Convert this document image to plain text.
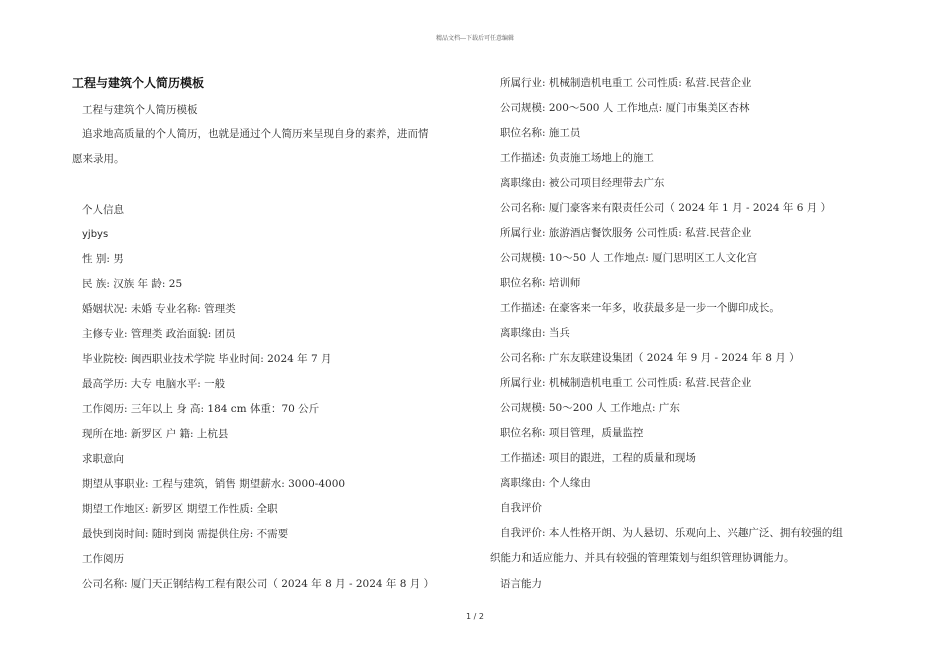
精品文档---下载后可任意编辑
工程与建筑个人简历模板
工程与建筑个人简历模板
追求地高质量的个人简历，也就是通过个人简历来呈现自身的素养，进而情
愿来录用。
个人信息
yjbys
性 别: 男
民 族: 汉族 年 龄: 25
婚姻状况: 未婚 专业名称: 管理类
主修专业: 管理类 政治面貌: 团员
毕业院校: 闽西职业技术学院 毕业时间: 2024 年 7 月
最高学历: 大专 电脑水平: 一般
工作阅历: 三年以上 身 高: 184 cm 体重：70 公斤
现所在地: 新罗区 户 籍: 上杭县
求职意向
期望从事职业: 工程与建筑，销售 期望薪水: 3000-4000
期望工作地区: 新罗区 期望工作性质: 全职
最快到岗时间: 随时到岗 需提供住房: 不需要
工作阅历
公司名称: 厦门天正钢结构工程有限公司（ 2024 年 8 月 - 2024 年 8 月 ）
所属行业: 机械制造机电重工 公司性质: 私营.民营企业
公司规模: 200～500 人 工作地点: 厦门市集美区杏林
职位名称: 施工员
工作描述: 负责施工场地上的施工
离职缘由: 被公司项目经理带去广东
公司名称: 厦门豪客来有限责任公司（ 2024 年 1 月 - 2024 年 6 月 ）
所属行业: 旅游酒店餐饮服务 公司性质: 私营.民营企业
公司规模: 10～50 人 工作地点: 厦门思明区工人文化宫
职位名称: 培训师
工作描述: 在豪客来一年多，收获最多是一步一个脚印成长。
离职缘由: 当兵
公司名称: 广东友联建设集团（ 2024 年 9 月 - 2024 年 8 月 ）
所属行业: 机械制造机电重工 公司性质: 私营.民营企业
公司规模: 50～200 人 工作地点: 广东
职位名称: 项目管理，质量监控
工作描述: 项目的跟进，工程的质量和现场
离职缘由: 个人缘由
自我评价
自我评价: 本人性格开朗、为人悬切、乐观向上、兴趣广泛、拥有较强的组
织能力和适应能力、并具有较强的管理策划与组织管理协调能力。
语言能力
1 / 2
